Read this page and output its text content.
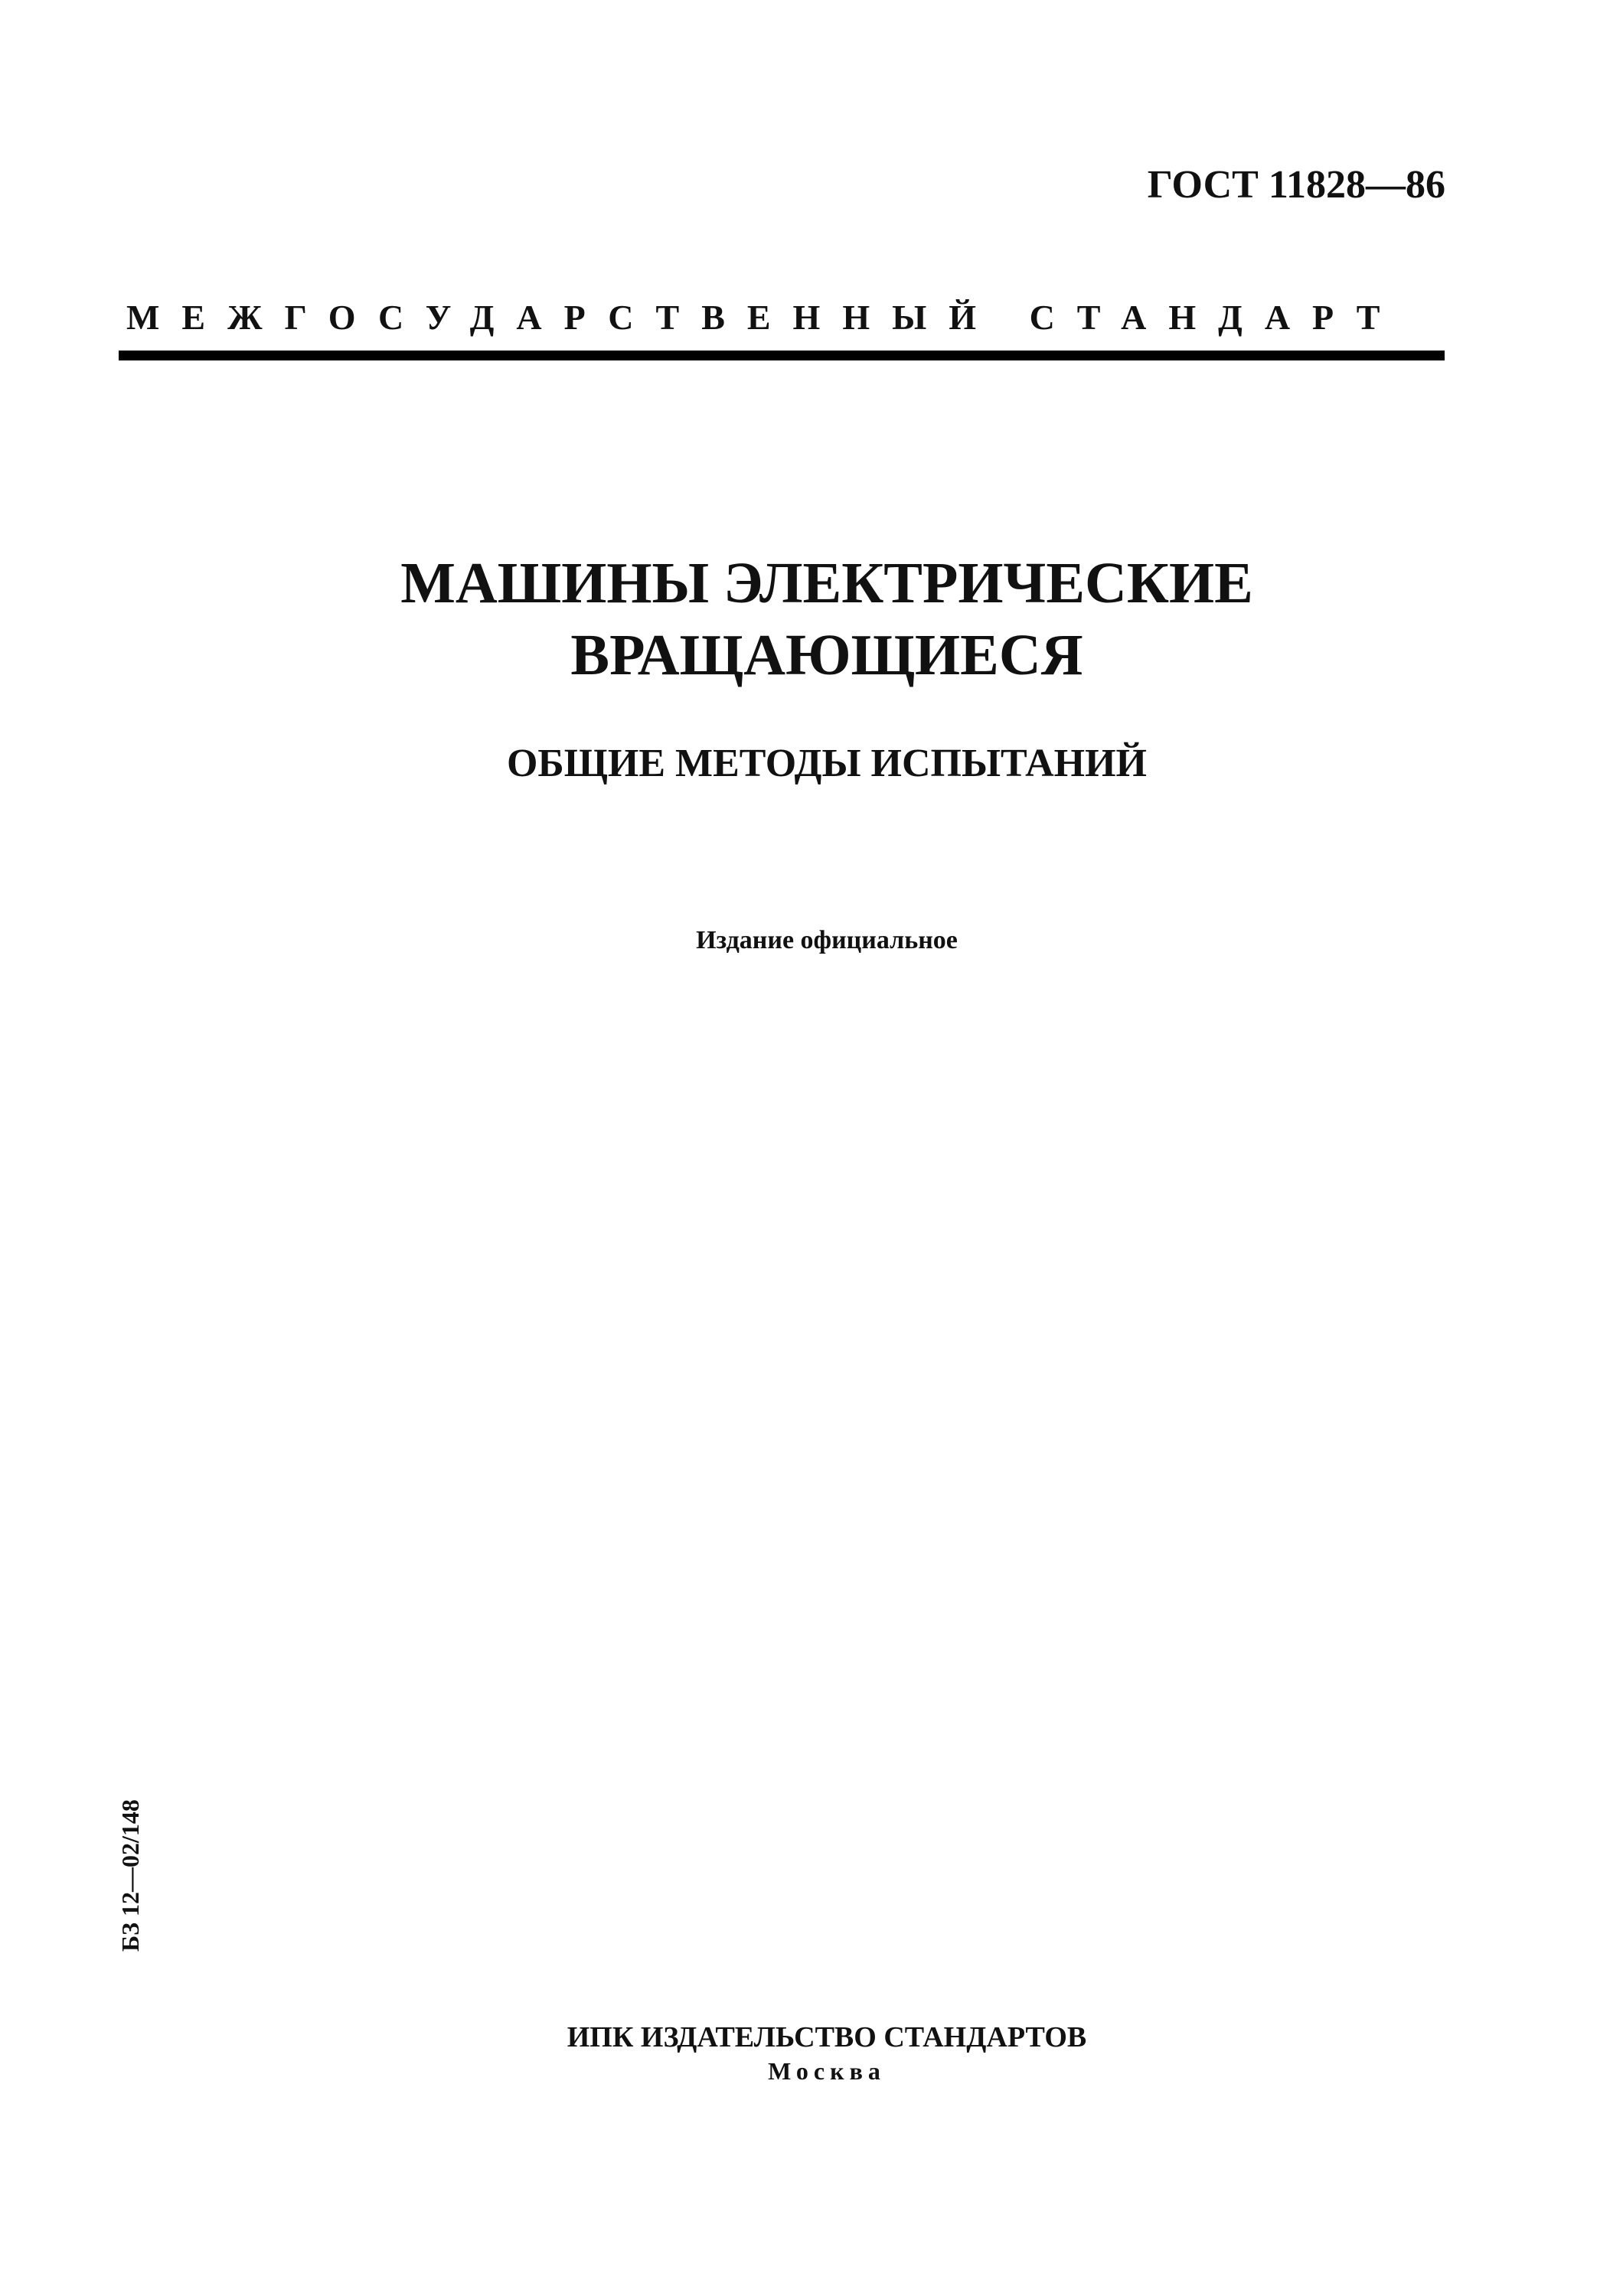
ГОСТ 11828—86
МЕЖГОСУДАРСТВЕННЫЙ СТАНДАРТ
МАШИНЫ ЭЛЕКТРИЧЕСКИЕ
ВРАЩАЮЩИЕСЯ
ОБЩИЕ МЕТОДЫ ИСПЫТАНИЙ
Издание официальное
БЗ 12—02/148
ИПК ИЗДАТЕЛЬСТВО СТАНДАРТОВ
Москва
